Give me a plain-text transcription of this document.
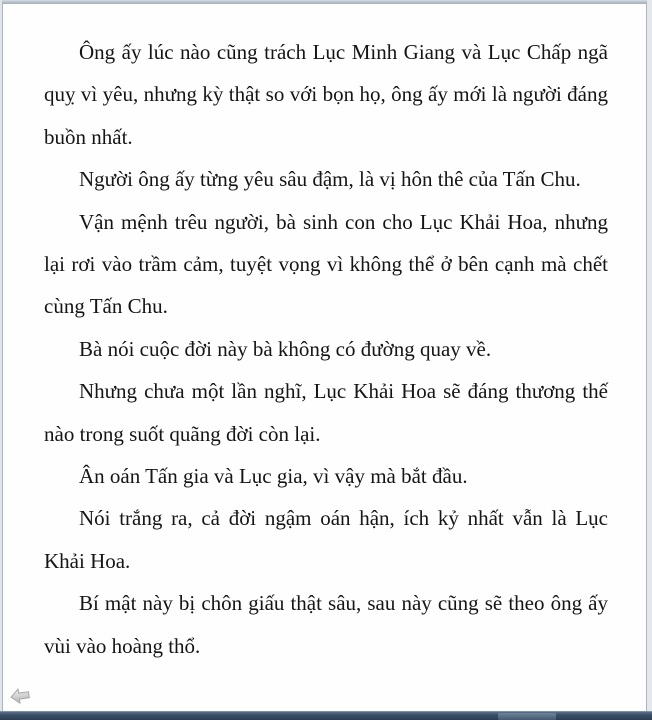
Ông ấy lúc nào cũng trách Lục Minh Giang và Lục Chấp ngã quỵ vì yêu, nhưng kỳ thật so với bọn họ, ông ấy mới là người đáng buồn nhất.

Người ông ấy từng yêu sâu đậm, là vị hôn thê của Tấn Chu.

Vận mệnh trêu người, bà sinh con cho Lục Khải Hoa, nhưng lại rơi vào trầm cảm, tuyệt vọng vì không thể ở bên cạnh mà chết cùng Tấn Chu.

Bà nói cuộc đời này bà không có đường quay về.

Nhưng chưa một lần nghĩ, Lục Khải Hoa sẽ đáng thương thế nào trong suốt quãng đời còn lại.

Ân oán Tấn gia và Lục gia, vì vậy mà bắt đầu.

Nói trắng ra, cả đời ngậm oán hận, ích kỷ nhất vẫn là Lục Khải Hoa.

Bí mật này bị chôn giấu thật sâu, sau này cũng sẽ theo ông ấy vùi vào hoàng thổ.
